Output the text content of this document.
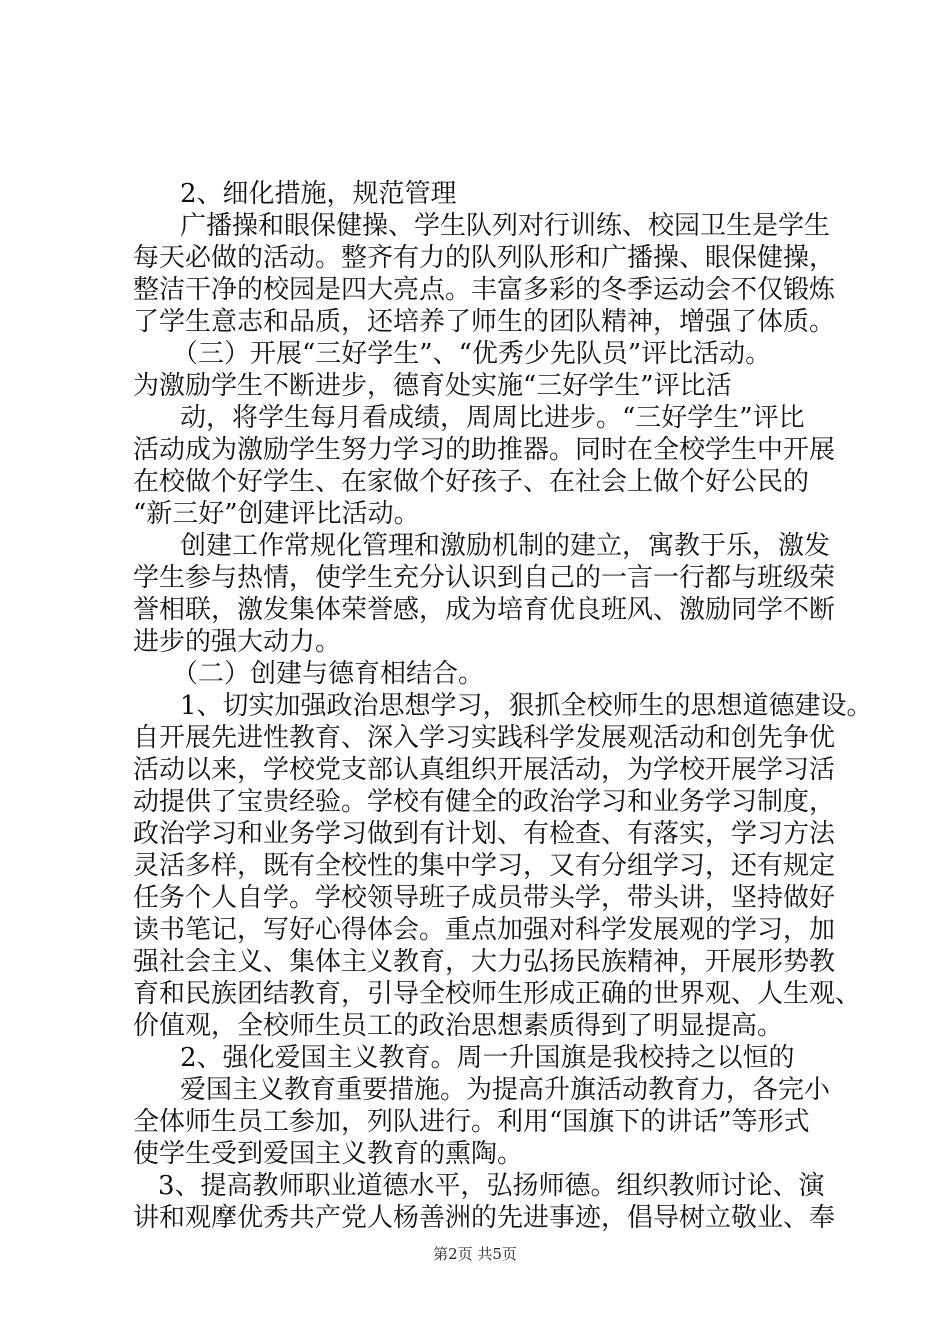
2、细化措施，规范管理
广播操和眼保健操、学生队列对行训练、校园卫生是学生
每天必做的活动。整齐有力的队列队形和广播操、眼保健操，
整洁干净的校园是四大亮点。丰富多彩的冬季运动会不仅锻炼
了学生意志和品质，还培养了师生的团队精神，增强了体质。
（三）开展“三好学生”、“优秀少先队员”评比活动。
为激励学生不断进步，德育处实施“三好学生”评比活
动，将学生每月看成绩，周周比进步。“三好学生”评比
活动成为激励学生努力学习的助推器。同时在全校学生中开展
在校做个好学生、在家做个好孩子、在社会上做个好公民的
“新三好”创建评比活动。
创建工作常规化管理和激励机制的建立，寓教于乐，激发
学生参与热情，使学生充分认识到自己的一言一行都与班级荣
誉相联，激发集体荣誉感，成为培育优良班风、激励同学不断
进步的强大动力。
（二）创建与德育相结合。
1、切实加强政治思想学习，狠抓全校师生的思想道德建设。
自开展先进性教育、深入学习实践科学发展观活动和创先争优
活动以来，学校党支部认真组织开展活动，为学校开展学习活
动提供了宝贵经验。学校有健全的政治学习和业务学习制度，
政治学习和业务学习做到有计划、有检查、有落实，学习方法
灵活多样，既有全校性的集中学习，又有分组学习，还有规定
任务个人自学。学校领导班子成员带头学，带头讲，坚持做好
读书笔记，写好心得体会。重点加强对科学发展观的学习，加
强社会主义、集体主义教育，大力弘扬民族精神，开展形势教
育和民族团结教育，引导全校师生形成正确的世界观、人生观、
价值观，全校师生员工的政治思想素质得到了明显提高。
2、强化爱国主义教育。周一升国旗是我校持之以恒的
爱国主义教育重要措施。为提高升旗活动教育力，各完小
全体师生员工参加，列队进行。利用“国旗下的讲话”等形式
使学生受到爱国主义教育的熏陶。
3、提高教师职业道德水平，弘扬师德。组织教师讨论、演
讲和观摩优秀共产党人杨善洲的先进事迹，倡导树立敬业、奉
第2页 共5页
